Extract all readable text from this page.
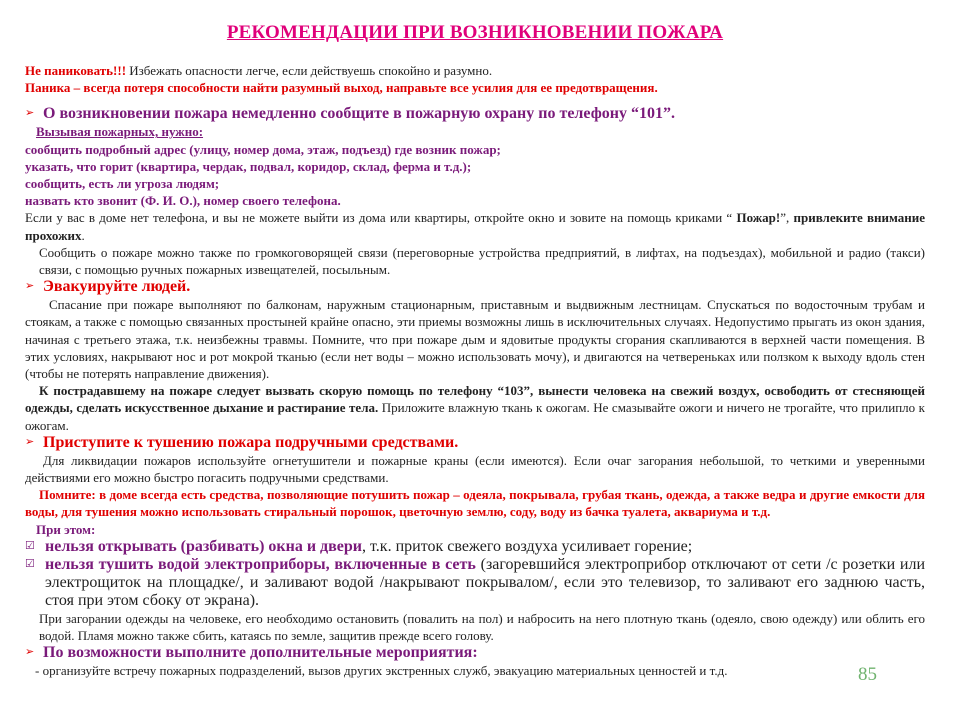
РЕКОМЕНДАЦИИ ПРИ ВОЗНИКНОВЕНИИ ПОЖАРА

Не паниковать!!! Избежать опасности легче, если действуешь спокойно и разумно.

Паника – всегда потеря способности найти разумный выход, направьте все усилия для ее предотвращения.

➢ О возникновении пожара немедленно сообщите в пожарную охрану по телефону “101”.

Вызывая пожарных, нужно:

сообщить подробный адрес (улицу, номер дома, этаж, подъезд) где возник пожар;

указать, что горит (квартира, чердак, подвал, коридор, склад, ферма и т.д.);

сообщить, есть ли угроза людям;

назвать кто звонит (Ф. И. О.), номер своего телефона.

Если у вас в доме нет телефона, и вы не можете выйти из дома или квартиры, откройте окно и зовите на помощь криками “ Пожар!”, привлеките внимание прохожих.

Сообщить о пожаре можно также по громкоговорящей связи (переговорные устройства предприятий, в лифтах, на подъездах), мобильной и радио (такси) связи, с помощью ручных пожарных извещателей, посыльным.

➢ Эвакуируйте людей.

Спасание при пожаре выполняют по балконам, наружным стационарным, приставным и выдвижным лестницам. Спускаться по водосточным трубам и стоякам, а также с помощью связанных простыней крайне опасно, эти приемы возможны лишь в исключительных случаях. Недопустимо прыгать из окон здания, начиная с третьего этажа, т.к. неизбежны травмы. Помните, что при пожаре дым и ядовитые продукты сгорания скапливаются в верхней части помещения. В этих условиях, накрывают нос и рот мокрой тканью (если нет воды – можно использовать мочу), и двигаются на четвереньках или ползком к выходу вдоль стен (чтобы не потерять направление движения).

К пострадавшему на пожаре следует вызвать скорую помощь по телефону “103”, вынести человека на свежий воздух, освободить от стесняющей одежды, сделать искусственное дыхание и растирание тела. Приложите влажную ткань к ожогам. Не смазывайте ожоги и ничего не трогайте, что прилипло к ожогам.

➢ Приступите к тушению пожара подручными средствами.

Для ликвидации пожаров используйте огнетушители и пожарные краны (если имеются). Если очаг загорания небольшой, то четкими и уверенными действиями его можно быстро погасить подручными средствами.

Помните: в доме всегда есть средства, позволяющие потушить пожар – одеяла, покрывала, грубая ткань, одежда, а также ведра и другие емкости для воды, для тушения можно использовать стиральный порошок, цветочную землю, соду, воду из бачка туалета, аквариума и т.д.

При этом:

☑ нельзя открывать (разбивать) окна и двери, т.к. приток свежего воздуха усиливает горение;
☑ нельзя тушить водой электроприборы, включенные в сеть (загоревшийся электроприбор отключают от сети /с розетки или электрощиток на площадке/, и заливают водой /накрывают покрывалом/, если это телевизор, то заливают его заднюю часть, стоя при этом сбоку от экрана).

При загорании одежды на человеке, его необходимо остановить (повалить на пол) и набросить на него плотную ткань (одеяло, свою одежду) или облить его водой. Пламя можно также сбить, катаясь по земле, защитив прежде всего голову.

➢ По возможности выполните дополнительные мероприятия:

- организуйте встречу пожарных подразделений, вызов других экстренных служб, эвакуацию материальных ценностей и т.д.	85
